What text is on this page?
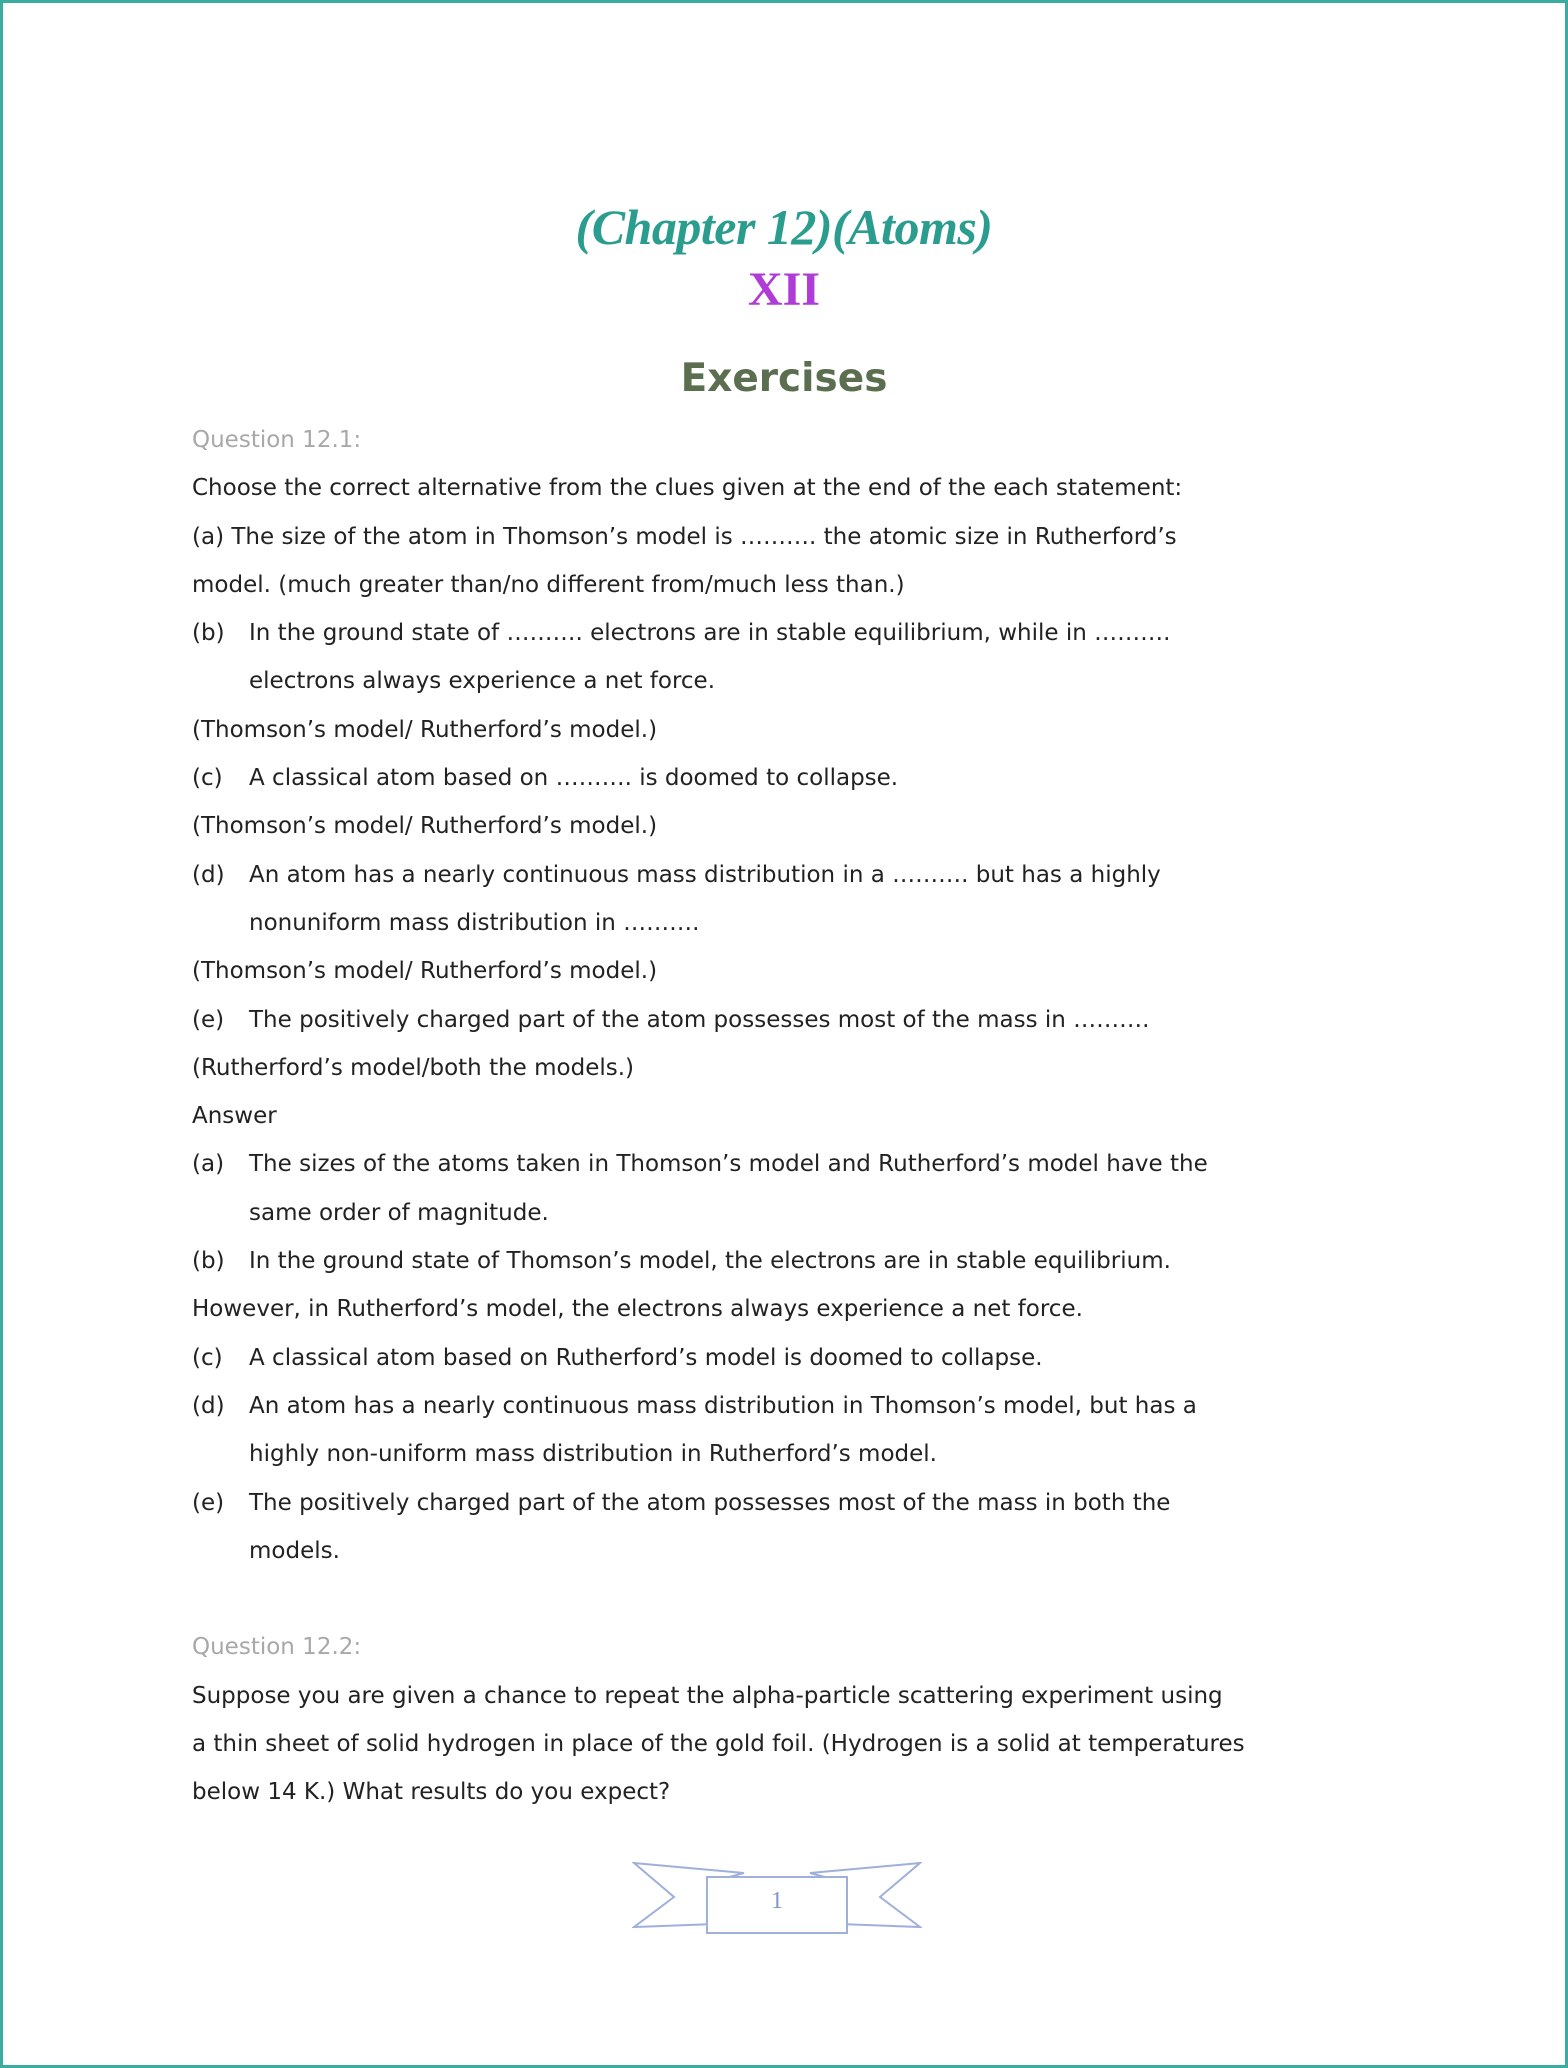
(Chapter 12)(Atoms)
XII
Exercises
Question 12.1:
Choose the correct alternative from the clues given at the end of the each statement:
(a) The size of the atom in Thomson’s model is ………. the atomic size in Rutherford’s
model. (much greater than/no different from/much less than.)
(b) In the ground state of ………. electrons are in stable equilibrium, while in ……….
electrons always experience a net force.
(Thomson’s model/ Rutherford’s model.)
(c) A classical atom based on ………. is doomed to collapse.
(Thomson’s model/ Rutherford’s model.)
(d) An atom has a nearly continuous mass distribution in a ………. but has a highly
nonuniform mass distribution in ……….
(Thomson’s model/ Rutherford’s model.)
(e) The positively charged part of the atom possesses most of the mass in ……….
(Rutherford’s model/both the models.)
Answer
(a) The sizes of the atoms taken in Thomson’s model and Rutherford’s model have the
same order of magnitude.
(b) In the ground state of Thomson’s model, the electrons are in stable equilibrium.
However, in Rutherford’s model, the electrons always experience a net force.
(c) A classical atom based on Rutherford’s model is doomed to collapse.
(d) An atom has a nearly continuous mass distribution in Thomson’s model, but has a
highly non-uniform mass distribution in Rutherford’s model.
(e) The positively charged part of the atom possesses most of the mass in both the
models.
Question 12.2:
Suppose you are given a chance to repeat the alpha-particle scattering experiment using
a thin sheet of solid hydrogen in place of the gold foil. (Hydrogen is a solid at temperatures
below 14 K.) What results do you expect?
1
